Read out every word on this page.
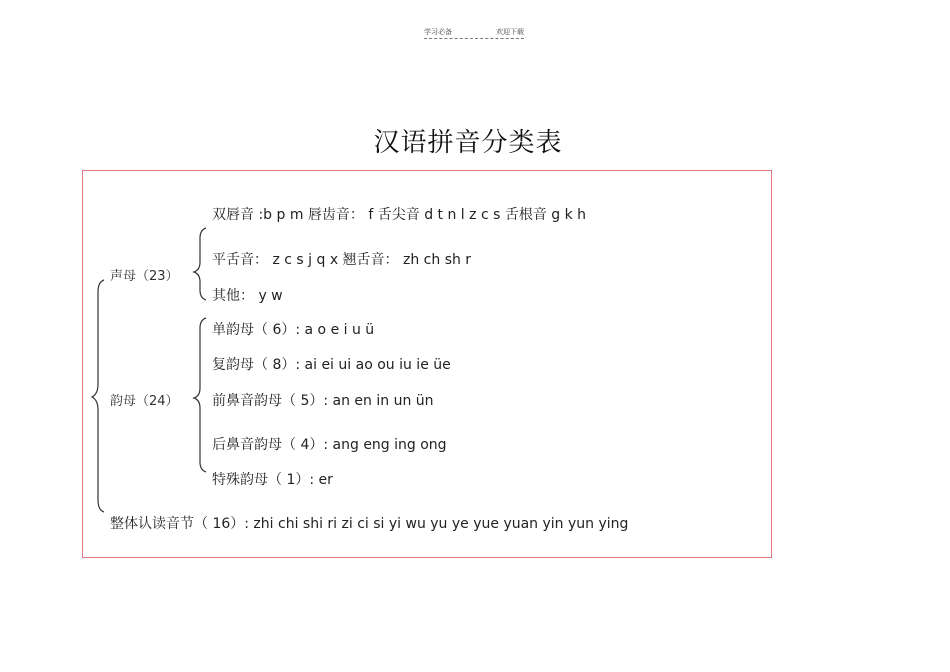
学习必备	欢迎下载
汉语拼音分类表
声母（23）
韵母（24）
双唇音 :b p m 唇齿音： f 舌尖音 d t n l z c s 舌根音 g k h
平舌音： z c s j q x 翘舌音： zh ch sh r
其他： y w
单韵母（ 6）: a o e i u ü
复韵母（ 8）: ai ei ui ao ou iu ie üe
前鼻音韵母（ 5）: an en in un ün
后鼻音韵母（ 4）: ang eng ing ong
特殊韵母（ 1）: er
整体认读音节（ 16）: zhi chi shi ri zi ci si yi wu yu ye yue yuan yin yun ying
